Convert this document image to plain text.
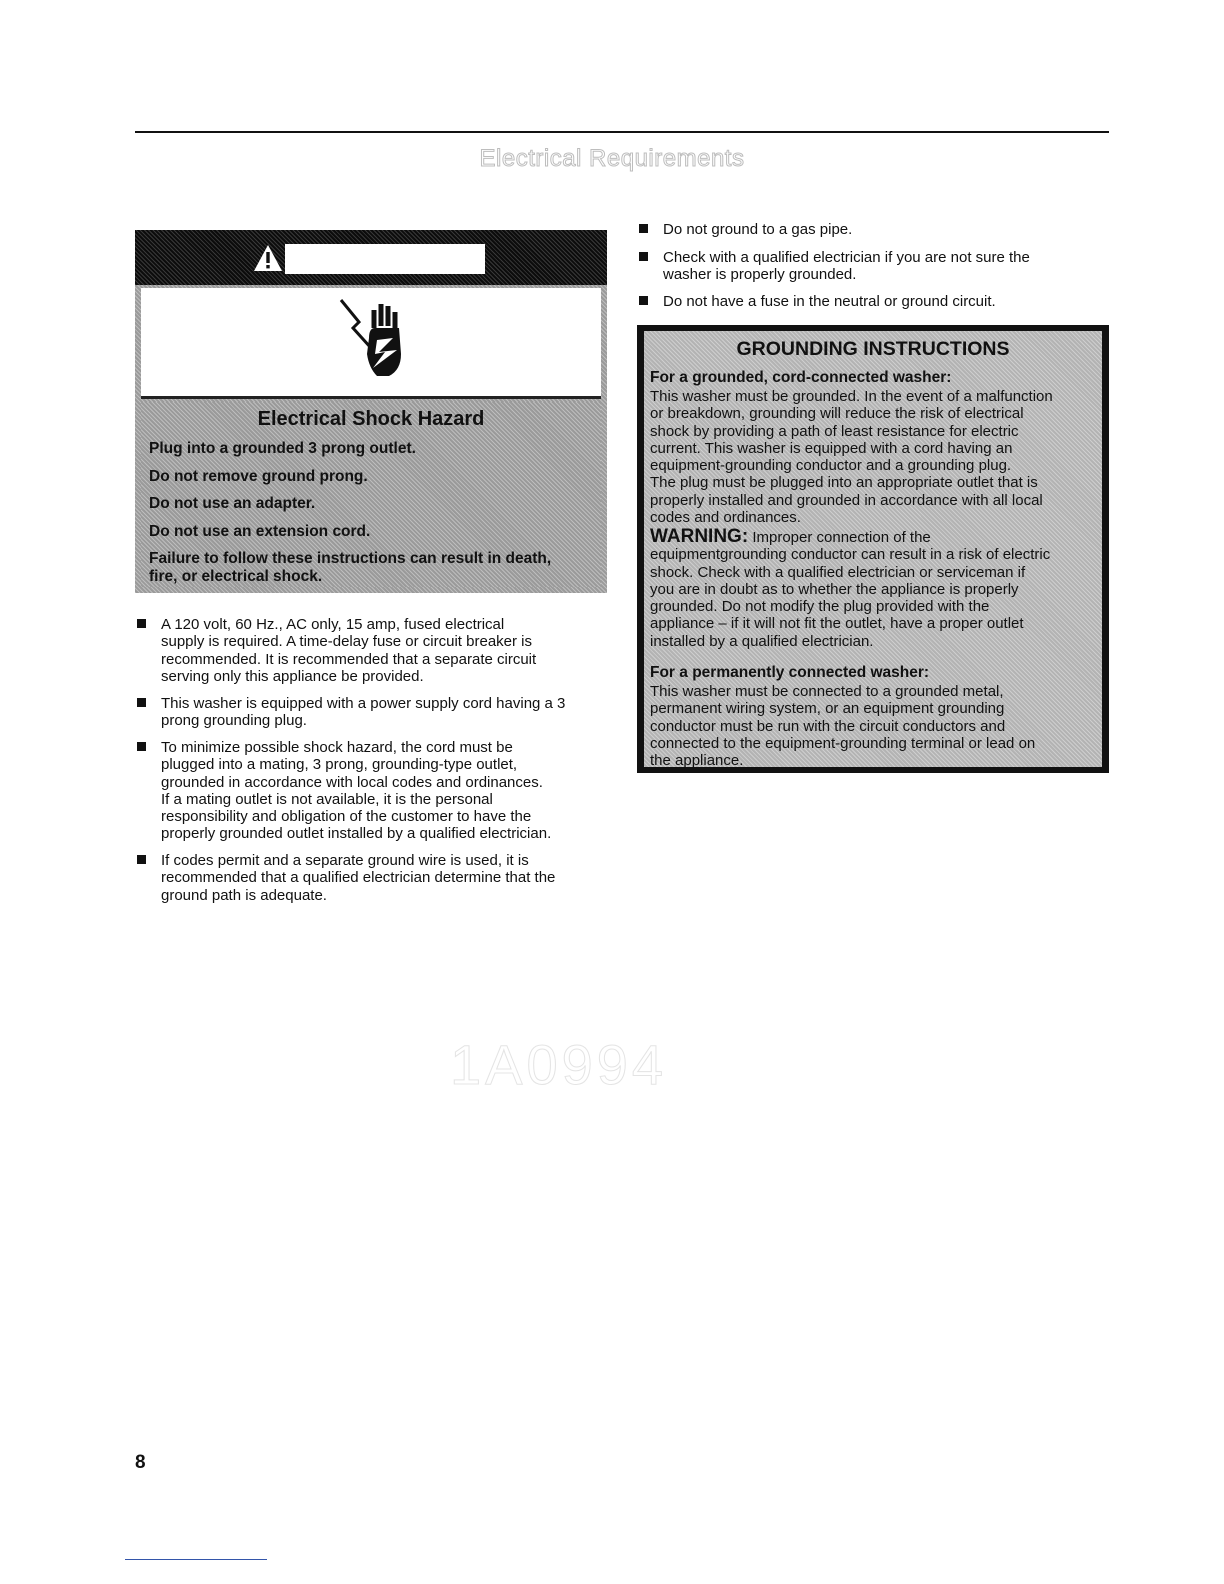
Electrical Requirements
Electrical Shock Hazard
Plug into a grounded 3 prong outlet.
Do not remove ground prong.
Do not use an adapter.
Do not use an extension cord.
Failure to follow these instructions can result in death,
fire, or electrical shock.
A 120 volt, 60 Hz., AC only, 15 amp, fused electrical
supply is required. A time-delay fuse or circuit breaker is
recommended. It is recommended that a separate circuit
serving only this appliance be provided.
This washer is equipped with a power supply cord having a 3
prong grounding plug.
To minimize possible shock hazard, the cord must be
plugged into a mating, 3 prong, grounding-type outlet,
grounded in accordance with local codes and ordinances.
If a mating outlet is not available, it is the personal
responsibility and obligation of the customer to have the
properly grounded outlet installed by a qualified electrician.
If codes permit and a separate ground wire is used, it is
recommended that a qualified electrician determine that the
ground path is adequate.
Do not ground to a gas pipe.
Check with a qualified electrician if you are not sure the
washer is properly grounded.
Do not have a fuse in the neutral or ground circuit.
GROUNDING INSTRUCTIONS
For a grounded, cord-connected washer:
This washer must be grounded. In the event of a malfunction
or breakdown, grounding will reduce the risk of electrical
shock by providing a path of least resistance for electric
current. This washer is equipped with a cord having an
equipment-grounding conductor and a grounding plug.
The plug must be plugged into an appropriate outlet that is
properly installed and grounded in accordance with all local
codes and ordinances.
WARNING: Improper connection of the
equipmentgrounding conductor can result in a risk of electric
shock. Check with a qualified electrician or serviceman if
you are in doubt as to whether the appliance is properly
grounded. Do not modify the plug provided with the
appliance – if it will not fit the outlet, have a proper outlet
installed by a qualified electrician.
For a permanently connected washer:
This washer must be connected to a grounded metal,
permanent wiring system, or an equipment grounding
conductor must be run with the circuit conductors and
connected to the equipment-grounding terminal or lead on
the appliance.
1A0994
8
